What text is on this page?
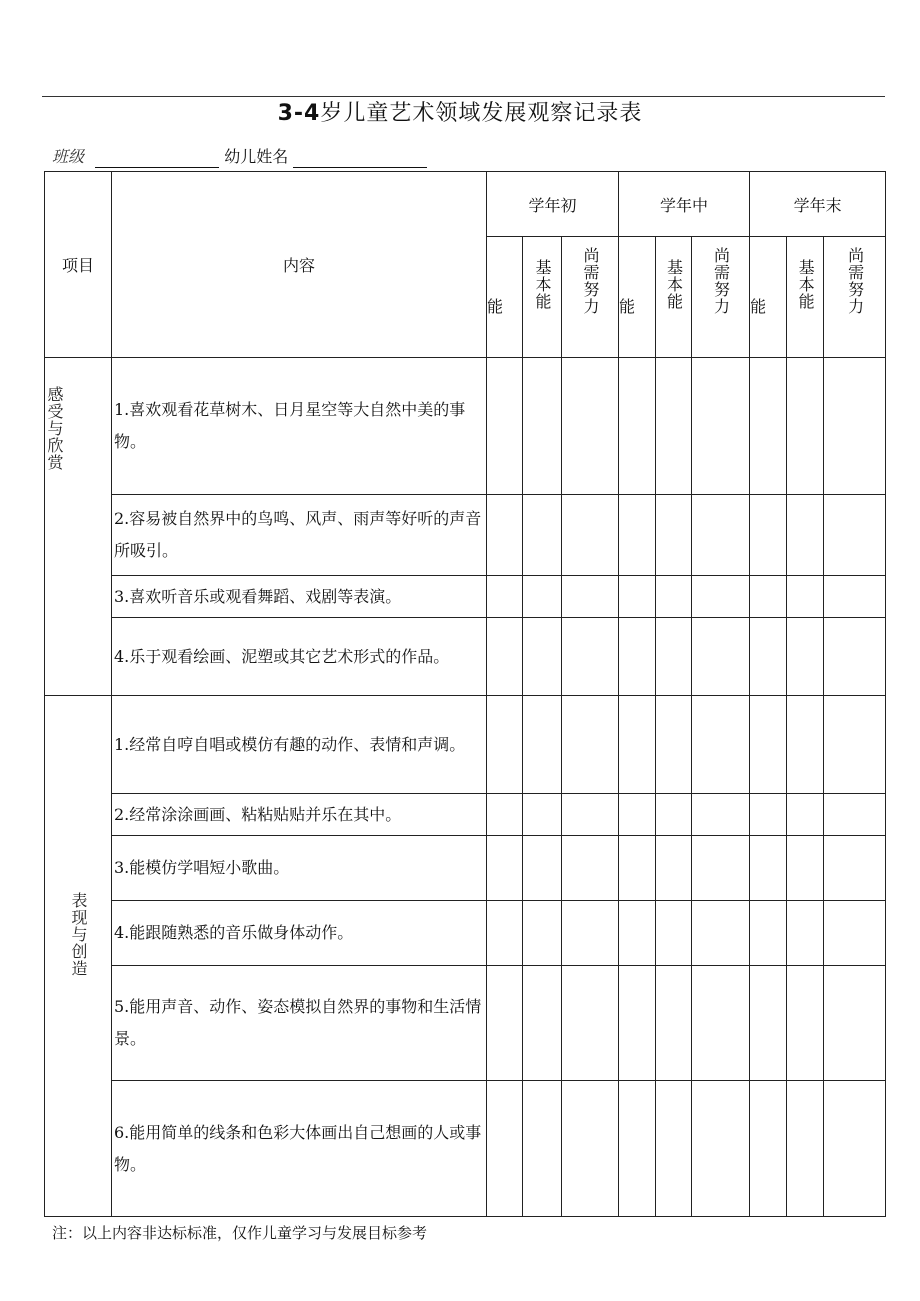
3-4岁儿童艺术领域发展观察记录表
班级	幼儿姓名
项目	内容	学年初			学年中			学年末		
		能	基本能	尚需努力	能	基本能	尚需努力	能	基本能	尚需努力
感受与欣赏	1.喜欢观看花草树木、日月星空等大自然中美的事物。									
	2.容易被自然界中的鸟鸣、风声、雨声等好听的声音所吸引。									
	3.喜欢听音乐或观看舞蹈、戏剧等表演。									
	4.乐于观看绘画、泥塑或其它艺术形式的作品。									
表现与创造	1.经常自哼自唱或模仿有趣的动作、表情和声调。									
	2.经常涂涂画画、粘粘贴贴并乐在其中。									
	3.能模仿学唱短小歌曲。									
	4.能跟随熟悉的音乐做身体动作。									
	5.能用声音、动作、姿态模拟自然界的事物和生活情景。									
	6.能用简单的线条和色彩大体画出自己想画的人或事物。									
注：以上内容非达标标准，仅作儿童学习与发展目标参考
